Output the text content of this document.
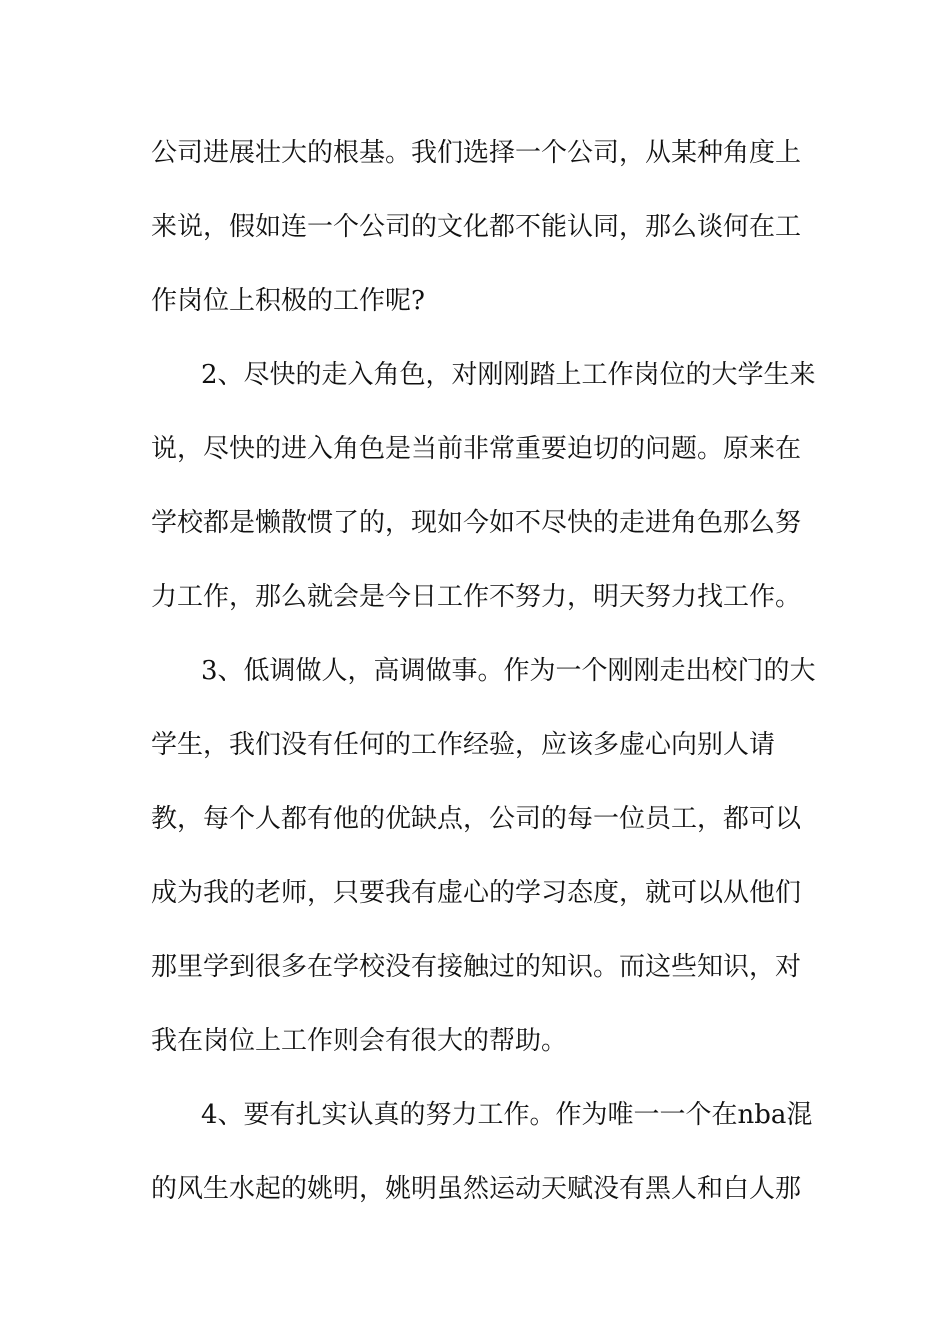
公司进展壮大的根基。我们选择一个公司，从某种角度上
来说，假如连一个公司的文化都不能认同，那么谈何在工
作岗位上积极的工作呢?
2、尽快的走入角色，对刚刚踏上工作岗位的大学生来
说，尽快的进入角色是当前非常重要迫切的问题。原来在
学校都是懒散惯了的，现如今如不尽快的走进角色那么努
力工作，那么就会是今日工作不努力，明天努力找工作。
3、低调做人，高调做事。作为一个刚刚走出校门的大
学生，我们没有任何的工作经验，应该多虚心向别人请
教，每个人都有他的优缺点，公司的每一位员工，都可以
成为我的老师，只要我有虚心的学习态度，就可以从他们
那里学到很多在学校没有接触过的知识。而这些知识，对
我在岗位上工作则会有很大的帮助。
4、要有扎实认真的努力工作。作为唯一一个在nba混
的风生水起的姚明，姚明虽然运动天赋没有黑人和白人那
